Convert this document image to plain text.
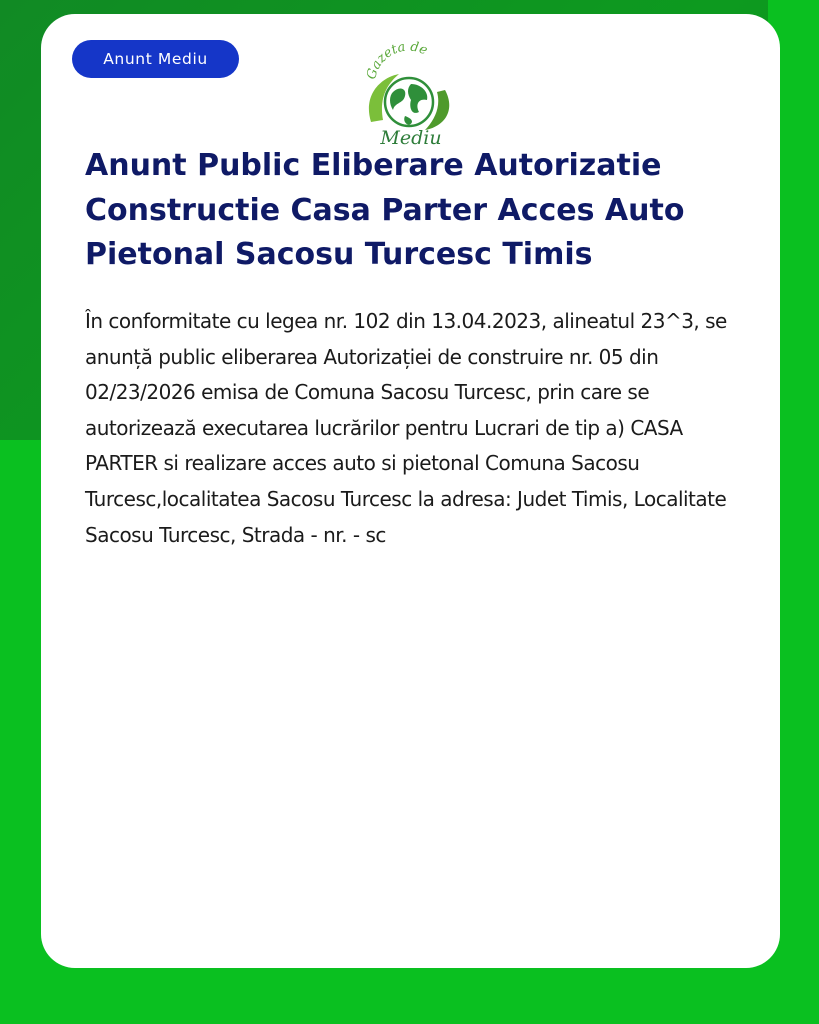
Anunt Mediu
Gazeta de
Mediu
Anunt Public Eliberare Autorizatie Constructie Casa Parter Acces Auto Pietonal Sacosu Turcesc Timis

În conformitate cu legea nr. 102 din 13.04.2023, alineatul 23^3, se anunță public eliberarea Autorizației de construire nr. 05 din 02/23/2026 emisa de Comuna Sacosu Turcesc, prin care se autorizează executarea lucrărilor pentru Lucrari de tip a) CASA PARTER si realizare acces auto si pietonal Comuna Sacosu Turcesc,localitatea Sacosu Turcesc la adresa: Judet Timis, Localitate Sacosu Turcesc, Strada - nr. - sc
